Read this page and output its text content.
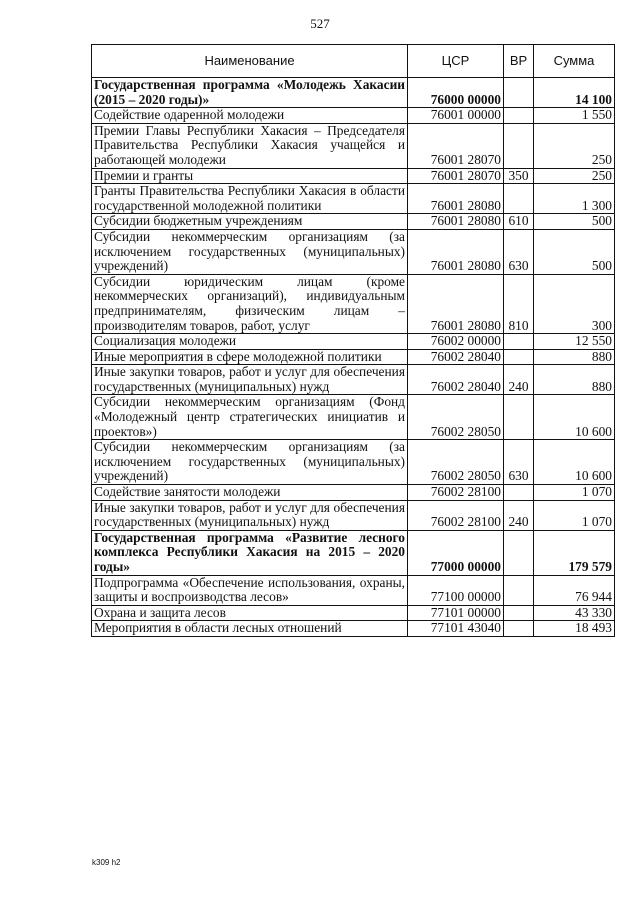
527
Наименование	ЦСР	ВР	Сумма
Государственная программа «Молодежь Хакасии (2015 – 2020 годы)»	76000 00000		14 100
Содействие одаренной молодежи	76001 00000		1 550
Премии Главы Республики Хакасия – Председателя Правительства Республики Хакасия учащейся и работающей молодежи	76001 28070		250
Премии и гранты	76001 28070	350	250
Гранты Правительства Республики Хакасия в области государственной молодежной политики	76001 28080		1 300
Субсидии бюджетным учреждениям	76001 28080	610	500
Субсидии некоммерческим организациям (за исключением государственных (муниципальных) учреждений)	76001 28080	630	500
Субсидии юридическим лицам (кроме некоммерческих организаций), индивидуальным предпринимателям, физическим лицам – производителям товаров, работ, услуг	76001 28080	810	300
Социализация молодежи	76002 00000		12 550
Иные мероприятия в сфере молодежной политики	76002 28040		880
Иные закупки товаров, работ и услуг для обеспечения государственных (муниципальных) нужд	76002 28040	240	880
Субсидии некоммерческим организациям (Фонд «Молодежный центр стратегических инициатив и проектов»)	76002 28050		10 600
Субсидии некоммерческим организациям (за исключением государственных (муниципальных) учреждений)	76002 28050	630	10 600
Содействие занятости молодежи	76002 28100		1 070
Иные закупки товаров, работ и услуг для обеспечения государственных (муниципальных) нужд	76002 28100	240	1 070
Государственная программа «Развитие лесного комплекса Республики Хакасия на 2015 – 2020 годы»	77000 00000		179 579
Подпрограмма «Обеспечение использования, охраны, защиты и воспроизводства лесов»	77100 00000		76 944
Охрана и защита лесов	77101 00000		43 330
Мероприятия в области лесных отношений	77101 43040		18 493
k309 h2
